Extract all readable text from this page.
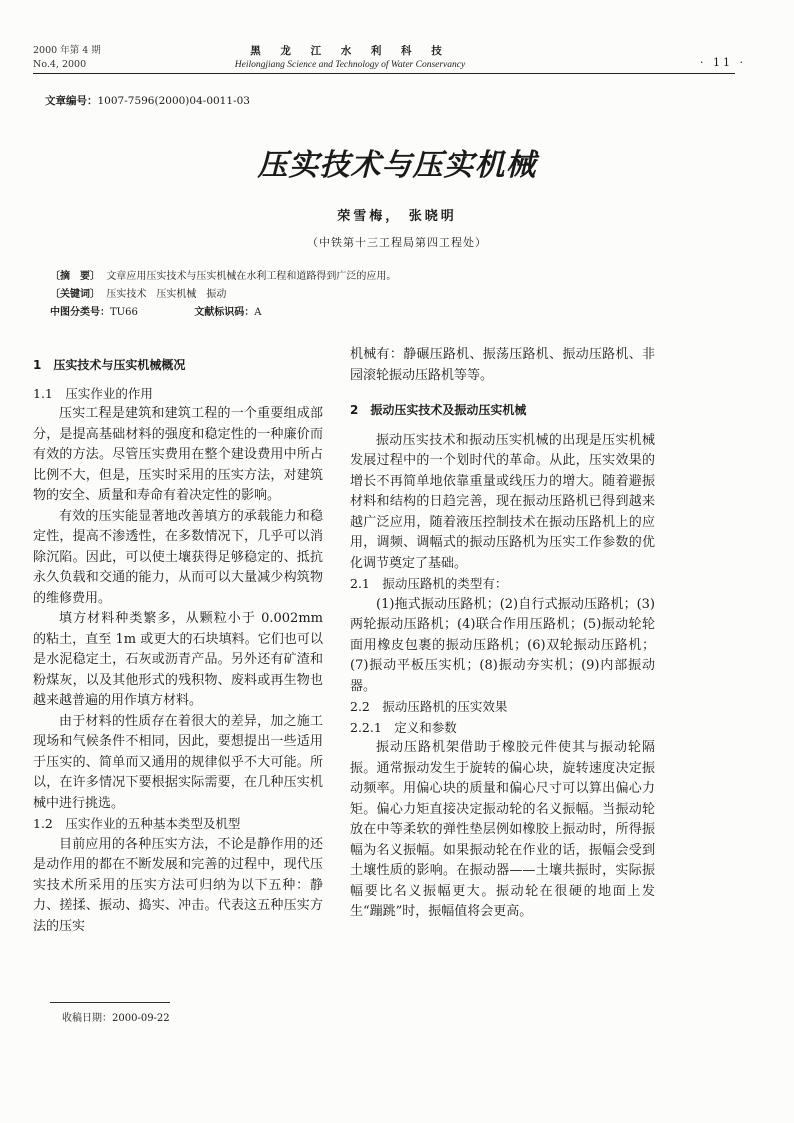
2000 年第 4 期
No.4, 2000
黑 龙 江 水 利 科 技
Heilongjiang Science and Technology of Water Conservancy	· 11 ·
文章编号：1007-7596(2000)04-0011-03
压实技术与压实机械
荣雪梅， 张晓明
（中铁第十三工程局第四工程处）
〔摘　要〕 文章应用压实技术与压实机械在水利工程和道路得到广泛的应用。
〔关键词〕 压实技术　压实机械　振动
中图分类号：TU66	文献标识码：A

1　压实技术与压实机械概况

1.1　压实作业的作用

压实工程是建筑和建筑工程的一个重要组成部分，是提高基础材料的强度和稳定性的一种廉价而有效的方法。尽管压实费用在整个建设费用中所占比例不大，但是，压实时采用的压实方法，对建筑物的安全、质量和寿命有着决定性的影响。

有效的压实能显著地改善填方的承载能力和稳定性，提高不渗透性，在多数情况下，几乎可以消除沉陷。因此，可以使土壤获得足够稳定的、抵抗永久负载和交通的能力，从而可以大量减少构筑物的维修费用。

填方材料种类繁多，从颗粒小于 0.002mm 的粘土，直至 1m 或更大的石块填料。它们也可以是水泥稳定土，石灰或沥青产品。另外还有矿渣和粉煤灰，以及其他形式的残积物、废料或再生物也越来越普遍的用作填方材料。

由于材料的性质存在着很大的差异，加之施工现场和气候条件不相同，因此，要想提出一些适用于压实的、简单而又通用的规律似乎不大可能。所以，在许多情况下要根据实际需要，在几种压实机械中进行挑选。

1.2　压实作业的五种基本类型及机型

目前应用的各种压实方法，不论是静作用的还是动作用的都在不断发展和完善的过程中，现代压实技术所采用的压实方法可归纳为以下五种：静力、搓揉、振动、捣实、冲击。代表这五种压实方法的压实

机械有：静碾压路机、振荡压路机、振动压路机、非园滚轮振动压路机等等。

2　振动压实技术及振动压实机械

振动压实技术和振动压实机械的出现是压实机械发展过程中的一个划时代的革命。从此，压实效果的增长不再简单地依靠重量或线压力的增大。随着避振材料和结构的日趋完善，现在振动压路机已得到越来越广泛应用，随着液压控制技术在振动压路机上的应用，调频、调幅式的振动压路机为压实工作参数的优化调节奠定了基础。

2.1　振动压路机的类型有：

(1)拖式振动压路机；(2)自行式振动压路机；(3)两轮振动压路机；(4)联合作用压路机；(5)振动轮轮面用橡皮包裹的振动压路机；(6)双轮振动压路机；(7)振动平板压实机；(8)振动夯实机；(9)内部振动器。

2.2　振动压路机的压实效果

2.2.1　定义和参数

振动压路机架借助于橡胶元件使其与振动轮隔振。通常振动发生于旋转的偏心块，旋转速度决定振动频率。用偏心块的质量和偏心尺寸可以算出偏心力矩。偏心力矩直接决定振动轮的名义振幅。当振动轮放在中等柔软的弹性垫层例如橡胶上振动时，所得振幅为名义振幅。如果振动轮在作业的话，振幅会受到土壤性质的影响。在振动器——土壤共振时，实际振幅要比名义振幅更大。振动轮在很硬的地面上发生“蹦跳”时，振幅值将会更高。

收稿日期：2000-09-22
